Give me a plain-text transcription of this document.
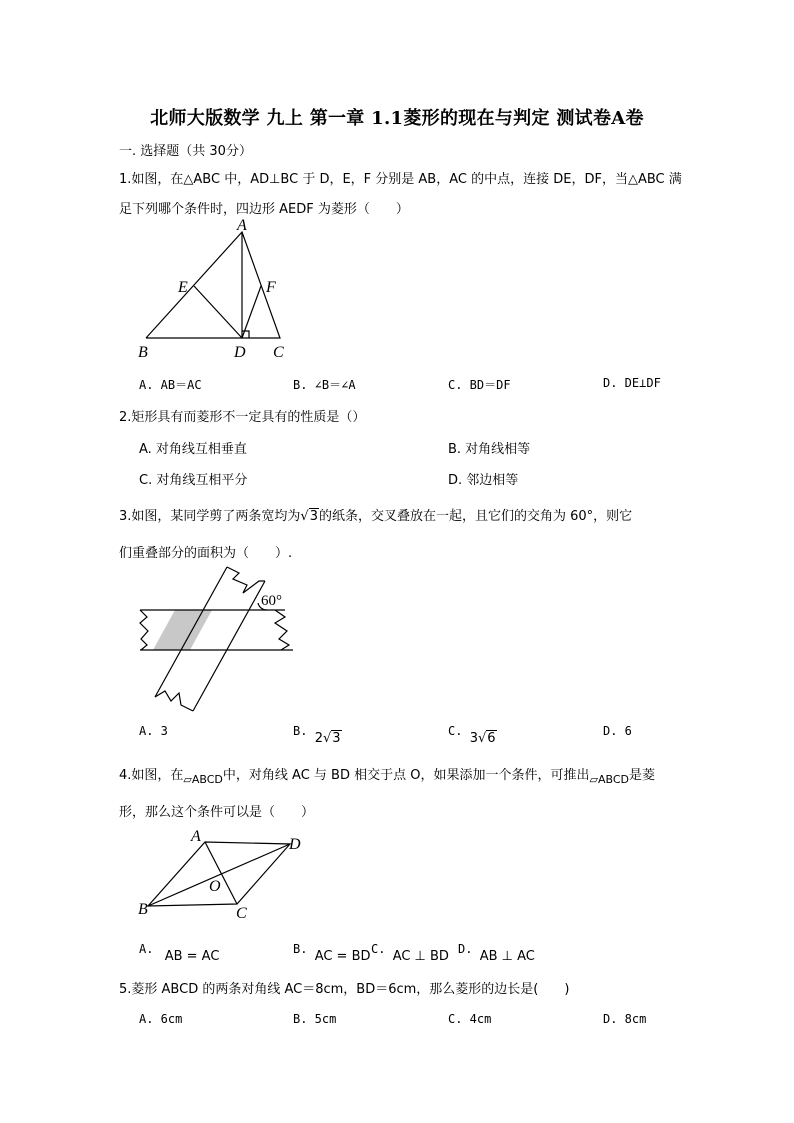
北师大版数学 九上 第一章 1.1菱形的现在与判定 测试卷A卷
一. 选择题（共 30分）
1.如图，在△ABC 中，AD⊥BC 于 D，E，F 分别是 AB，AC 的中点，连接 DE，DF，当△ABC 满
足下列哪个条件时，四边形 AEDF 为菱形（　　）
A
B	C
D
E	F
A. AB＝AC	B. ∠B＝∠A	C. BD＝DF	D. DE⊥DF
2.矩形具有而菱形不一定具有的性质是（）
A. 对角线互相垂直	B. 对角线相等
C. 对角线互相平分	D. 邻边相等
3.如图，某同学剪了两条宽均为√3的纸条，交叉叠放在一起，且它们的交角为 60°，则它
们重叠部分的面积为（　　）.
60°
A. 3	B. 2√3	C. 3√6	D. 6
4.如图，在$_{▱ABCD}$中，对角线 AC 与 BD 相交于点 O，如果添加一个条件，可推出$_{▱ABCD}$是菱
形，那么这个条件可以是（　　）
A
B	C
D
O
A. AB = AC	B. AC = BD C. AC ⊥ BD D. AB ⊥ AC
5.菱形 ABCD 的两条对角线 AC＝8cm，BD＝6cm，那么菱形的边长是(　　)
A. 6cm	B. 5cm	C. 4cm	D. 8cm
